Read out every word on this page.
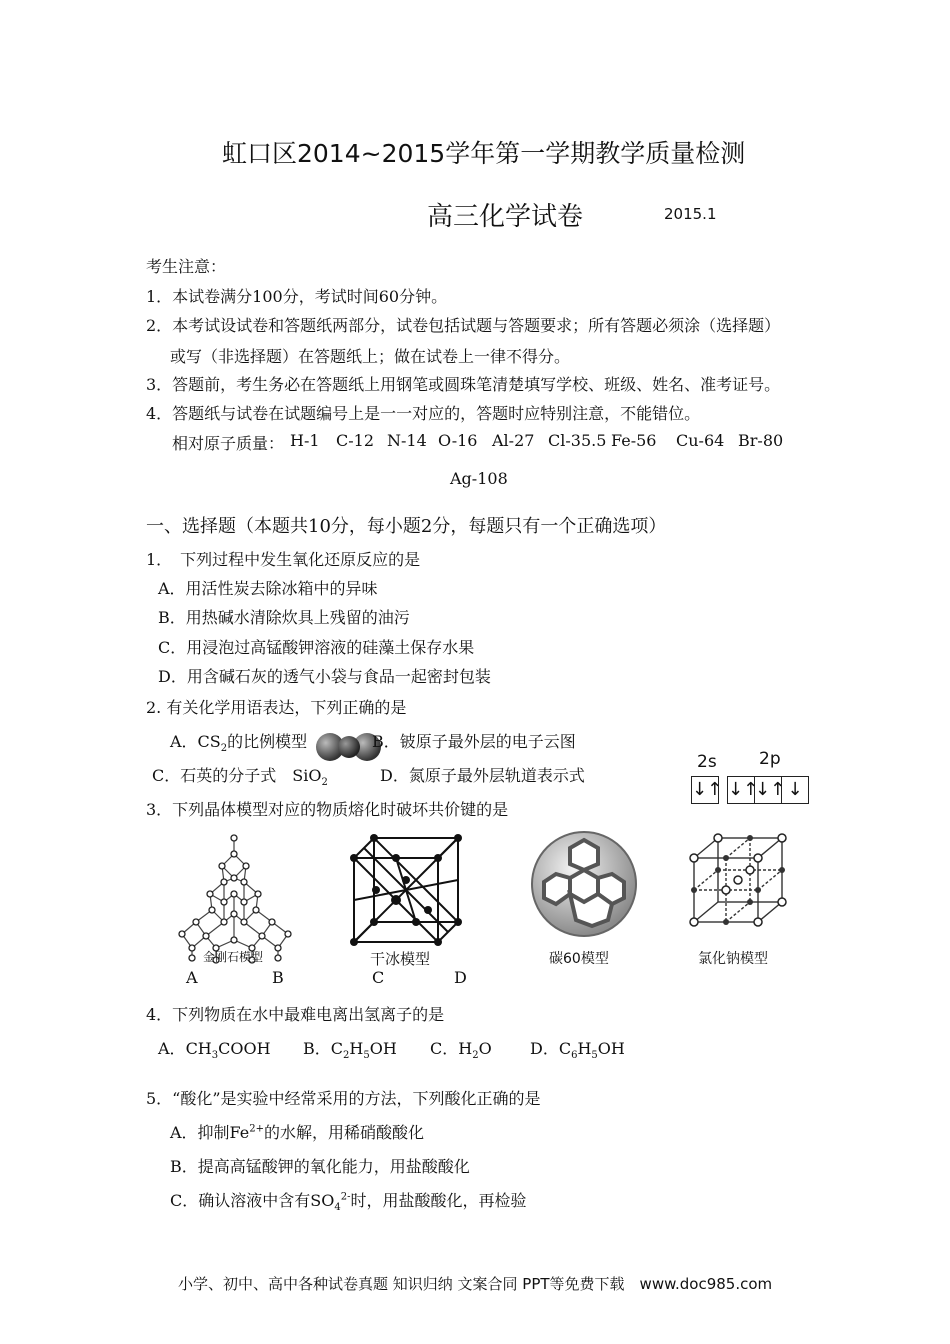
虹口区2014~2015学年第一学期教学质量检测
高三化学试卷	2015.1
考生注意：
1．本试卷满分100分，考试时间60分钟。
2．本考试设试卷和答题纸两部分，试卷包括试题与答题要求；所有答题必须涂（选择题）
或写（非选择题）在答题纸上；做在试卷上一律不得分。
3．答题前，考生务必在答题纸上用钢笔或圆珠笔清楚填写学校、班级、姓名、准考证号。
4．答题纸与试卷在试题编号上是一一对应的，答题时应特别注意，不能错位。
相对原子质量： H-1 C-12 N-14 O-16 Al-27 Cl-35.5 Fe-56 Cu-64 Br-80
Ag-108
一、选择题（本题共10分，每小题2分，每题只有一个正确选项）
1．　下列过程中发生氧化还原反应的是
A．用活性炭去除冰箱中的异味
B．用热碱水清除炊具上残留的油污
C．用浸泡过高锰酸钾溶液的硅藻土保存水果
D．用含碱石灰的透气小袋与食品一起密封包装
2. 有关化学用语表达，下列正确的是
A．$CS_2$的比例模型	B．铍原子最外层的电子云图
C．石英的分子式　SiO$_2$	D．氮原子最外层轨道表示式
2s 2p
↓↑ ↓↑↓↑ ↓
3．下列晶体模型对应的物质熔化时破坏共价键的是
金刚石模型	干冰模型	碳60模型	氯化钠模型
A	B	C	D
4．下列物质在水中最难电离出氢离子的是
A．$CH_3COOH$ B．$C_2H_5OH$ C．$H_2O$ D．$C_6H_5OH$
5．“酸化”是实验中经常采用的方法，下列酸化正确的是
A．抑制$Fe^{2+}$的水解，用稀硝酸酸化
B．提高高锰酸钾的氧化能力，用盐酸酸化
C．确认溶液中含有$SO_4^{2-}$时，用盐酸酸化，再检验
小学、初中、高中各种试卷真题 知识归纳 文案合同 PPT等免费下载　www.doc985.com
